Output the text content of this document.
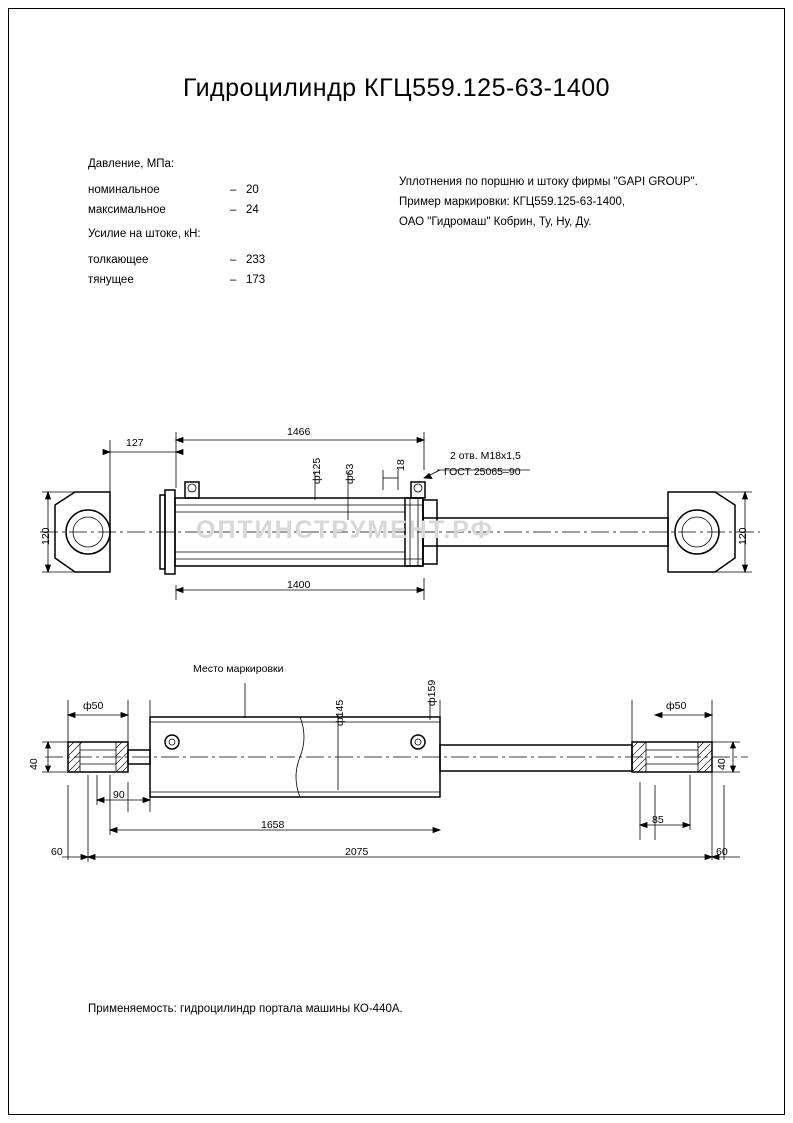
Гидроцилиндр КГЦ559.125-63-1400
Давление, МПа:
номинальное	– 20
максимальное	– 24
Усилие на штоке, кН:
толкающее	– 233
тянущее	– 173
Уплотнения по поршню и штоку фирмы "GAPI GROUP".
Пример маркировки: КГЦ559.125-63-1400,
ОАО "Гидромаш" Кобрин, Ту, Ну, Ду.
ОПТИНСТРУМЕНТ.РФ
127
1466
1400
ф125 ф63	18
2 отв. М18х1,5
ГОСТ 25065–90
120	120
Место маркировки
ф159
ф145
ф50	ф50
40	40
90
85
1658
2075
60	60
Применяемость: гидроцилиндр портала машины КО-440А.
